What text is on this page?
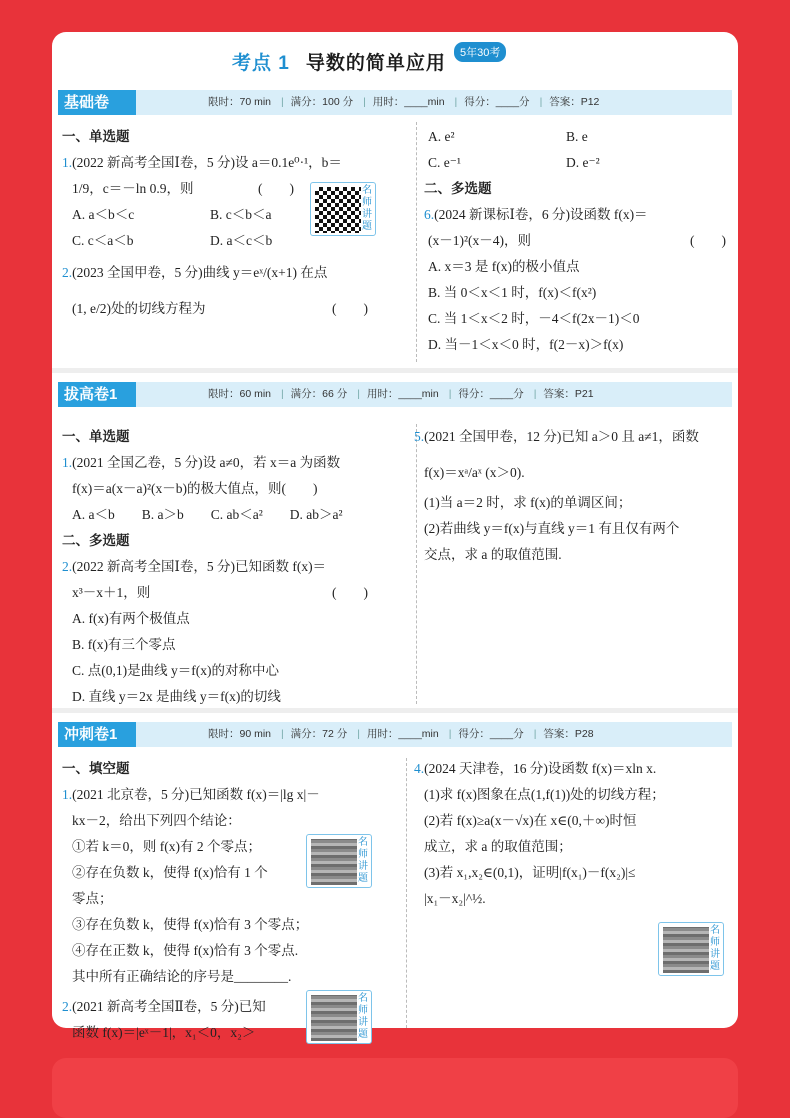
考点 1 导数的简单应用	5年30考
基础卷	限时：70 min | 满分：100 分 | 用时：____min | 得分：____分 | 答案：P12
一、单选题
1.(2022 新高考全国Ⅰ卷，5 分)设 a＝0.1e⁰·¹，b＝
1/9，c＝－ln 0.9，则	(　　)
A. a＜b＜c	B. c＜b＜a
C. c＜a＜b	D. a＜c＜b
2.(2023 全国甲卷，5 分)曲线 y＝eˣ/(x+1) 在点
(1, e/2)处的切线方程为	(　　)
名师讲题
A. e²	B. e
C. e⁻¹	D. e⁻²
二、多选题
6.(2024 新课标Ⅰ卷，6 分)设函数 f(x)＝
(x－1)²(x－4)，则	(　　)
A. x＝3 是 f(x)的极小值点
B. 当 0＜x＜1 时，f(x)＜f(x²)
C. 当 1＜x＜2 时，－4＜f(2x－1)＜0
D. 当－1＜x＜0 时，f(2－x)＞f(x)
拔高卷1	限时：60 min | 满分：66 分 | 用时：____min | 得分：____分 | 答案：P21
一、单选题
1.(2021 全国乙卷，5 分)设 a≠0，若 x＝a 为函数
f(x)＝a(x－a)²(x－b)的极大值点，则(　　)
A. a＜b　　B. a＞b　　C. ab＜a²　　D. ab＞a²
二、多选题
2.(2022 新高考全国Ⅰ卷，5 分)已知函数 f(x)＝
x³－x＋1，则	(　　)
A. f(x)有两个极值点
B. f(x)有三个零点
C. 点(0,1)是曲线 y＝f(x)的对称中心
D. 直线 y＝2x 是曲线 y＝f(x)的切线
5.(2021 全国甲卷，12 分)已知 a＞0 且 a≠1，函数
f(x)＝xᵃ/aˣ (x＞0).
(1)当 a＝2 时，求 f(x)的单调区间；
(2)若曲线 y＝f(x)与直线 y＝1 有且仅有两个
交点，求 a 的取值范围.
冲刺卷1	限时：90 min | 满分：72 分 | 用时：____min | 得分：____分 | 答案：P28
一、填空题
1.(2021 北京卷，5 分)已知函数 f(x)＝|lg x|－
kx－2，给出下列四个结论：
①若 k＝0，则 f(x)有 2 个零点；
②存在负数 k，使得 f(x)恰有 1 个
零点；
③存在负数 k，使得 f(x)恰有 3 个零点；
④存在正数 k，使得 f(x)恰有 3 个零点.
其中所有正确结论的序号是________.
2.(2021 新高考全国Ⅱ卷，5 分)已知
函数 f(x)＝|eˣ－1|，x₁＜0，x₂＞
名师讲题
名师讲题
4.(2024 天津卷，16 分)设函数 f(x)＝xln x.
(1)求 f(x)图象在点(1,f(1))处的切线方程；
(2)若 f(x)≥a(x－√x)在 x∈(0,＋∞)时恒
成立，求 a 的取值范围；
(3)若 x₁,x₂∈(0,1)，证明|f(x₁)－f(x₂)|≤
|x₁－x₂|^½.
名师讲题
